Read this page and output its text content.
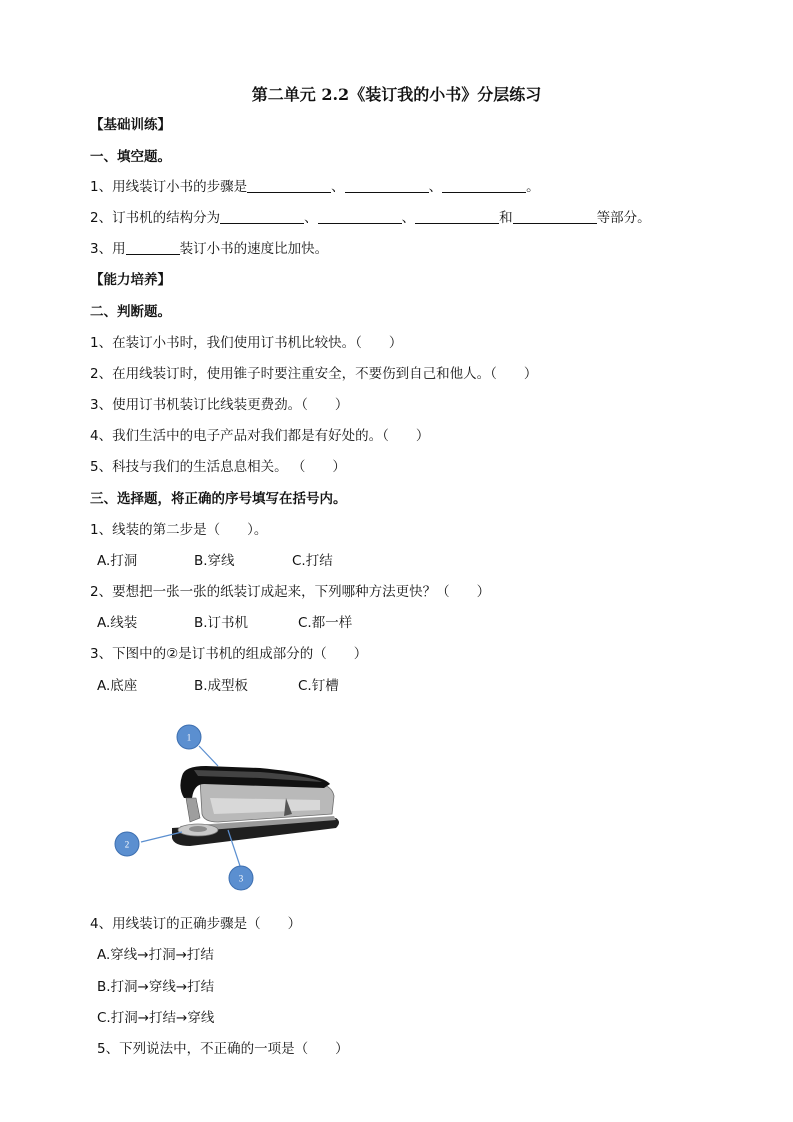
第二单元 2.2《装订我的小书》分层练习
【基础训练】
一、填空题。
1、用线装订小书的步骤是	、	、	。
2、订书机的结构分为	、	、	和	等部分。
3、用	装订小书的速度比加快。
【能力培养】
二、判断题。
1、在装订小书时，我们使用订书机比较快。（　　）
2、在用线装订时，使用锥子时要注重安全，不要伤到自己和他人。（　　）
3、使用订书机装订比线装更费劲。（　　）
4、我们生活中的电子产品对我们都是有好处的。（　　）
5、科技与我们的生活息息相关。 （　　）
三、选择题，将正确的序号填写在括号内。
1、线装的第二步是（　　）。
A.打洞	B.穿线	C.打结
2、要想把一张一张的纸装订成起来，下列哪种方法更快？（　　）
A.线装	B.订书机	C.都一样
3、下图中的②是订书机的组成部分的（　　）
A.底座	B.成型板	C.钉槽
1
2
3
4、用线装订的正确步骤是（　　）
A.穿线→打洞→打结
B.打洞→穿线→打结
C.打洞→打结→穿线
5、下列说法中，不正确的一项是（　　）
